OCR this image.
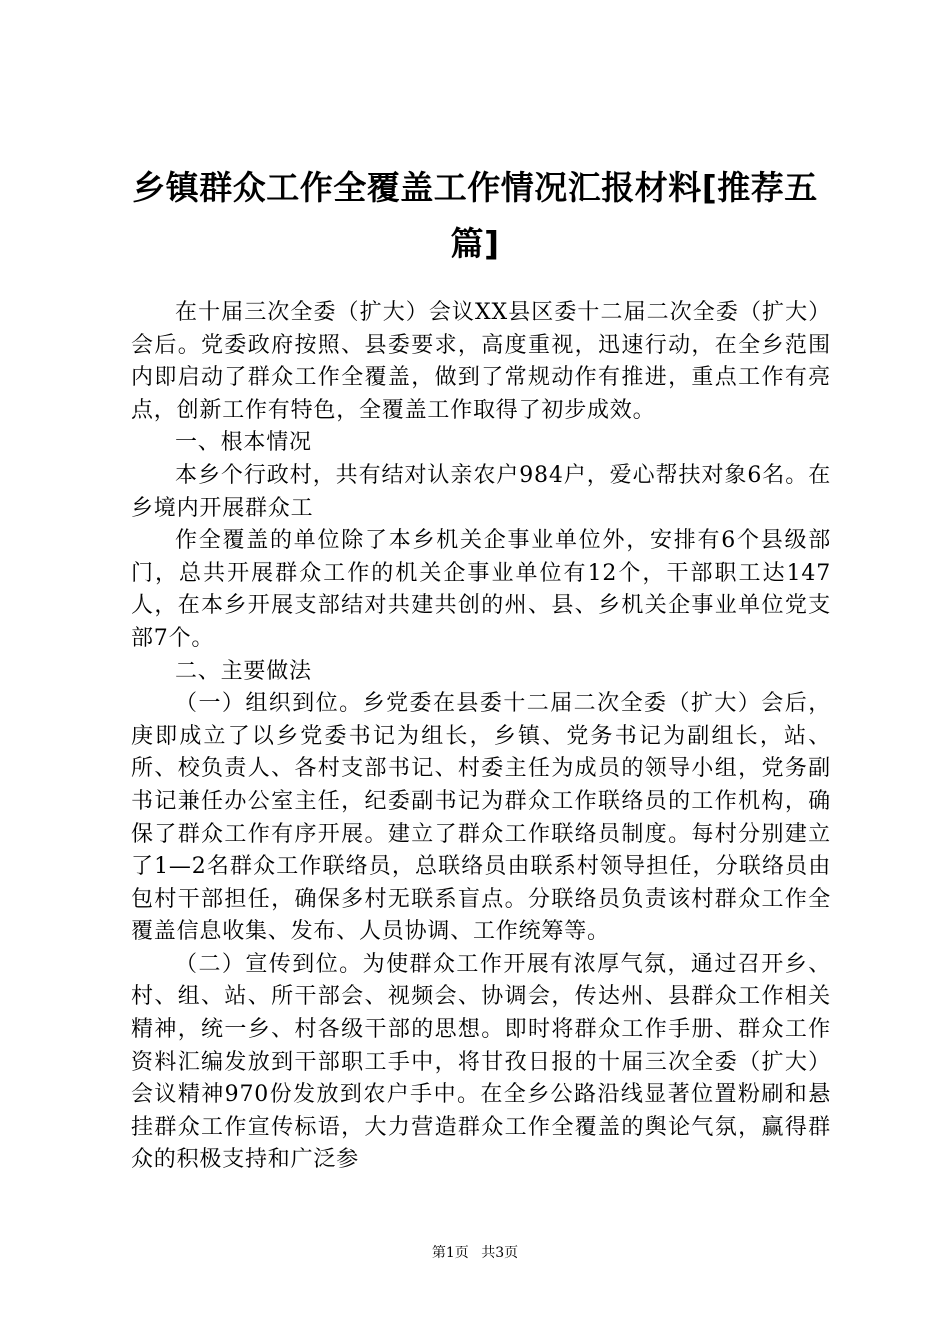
乡镇群众工作全覆盖工作情况汇报材料[推荐五篇]

在十届三次全委（扩大）会议XX县区委十二届二次全委（扩大）会后。党委政府按照、县委要求，高度重视，迅速行动，在全乡范围内即启动了群众工作全覆盖，做到了常规动作有推进，重点工作有亮点，创新工作有特色，全覆盖工作取得了初步成效。

一、根本情况

本乡个行政村，共有结对认亲农户984户，爱心帮扶对象6名。在乡境内开展群众工

作全覆盖的单位除了本乡机关企事业单位外，安排有6个县级部门，总共开展群众工作的机关企事业单位有12个，干部职工达147人，在本乡开展支部结对共建共创的州、县、乡机关企事业单位党支部7个。

二、主要做法

（一）组织到位。乡党委在县委十二届二次全委（扩大）会后，庚即成立了以乡党委书记为组长，乡镇、党务书记为副组长，站、所、校负责人、各村支部书记、村委主任为成员的领导小组，党务副书记兼任办公室主任，纪委副书记为群众工作联络员的工作机构，确保了群众工作有序开展。建立了群众工作联络员制度。每村分别建立了1—2名群众工作联络员，总联络员由联系村领导担任，分联络员由包村干部担任，确保多村无联系盲点。分联络员负责该村群众工作全覆盖信息收集、发布、人员协调、工作统筹等。

（二）宣传到位。为使群众工作开展有浓厚气氛，通过召开乡、村、组、站、所干部会、视频会、协调会，传达州、县群众工作相关精神，统一乡、村各级干部的思想。即时将群众工作手册、群众工作资料汇编发放到干部职工手中，将甘孜日报的十届三次全委（扩大）会议精神970份发放到农户手中。在全乡公路沿线显著位置粉刷和悬挂群众工作宣传标语，大力营造群众工作全覆盖的舆论气氛，赢得群众的积极支持和广泛参

第1页 共3页
